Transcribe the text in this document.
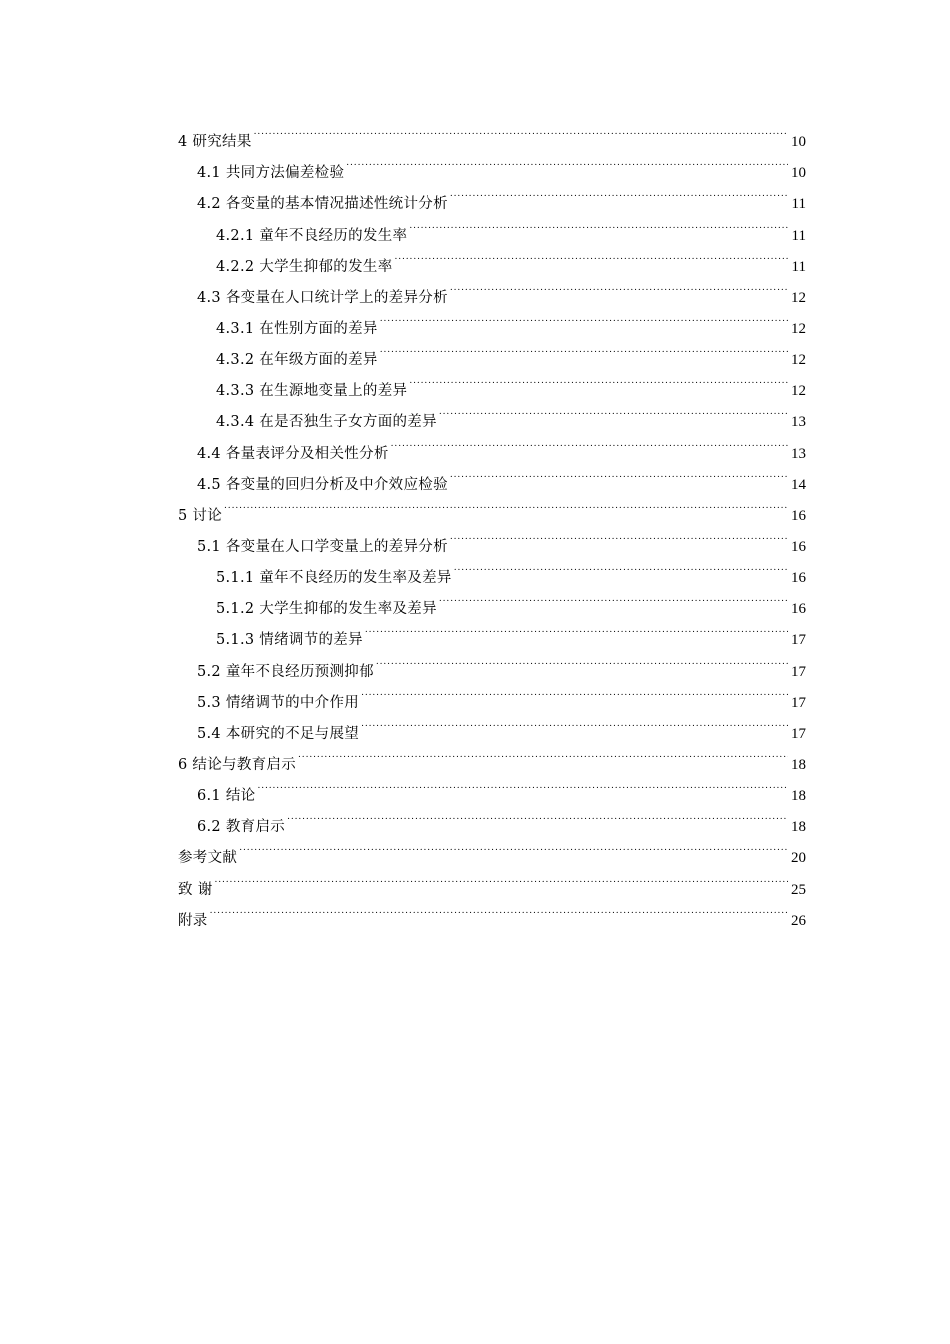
4 研究结果 .....	10
4.1 共同方法偏差检验 .....	10
4.2 各变量的基本情况描述性统计分析 .....	11
4.2.1 童年不良经历的发生率 .....	11
4.2.2 大学生抑郁的发生率 .....	11
4.3 各变量在人口统计学上的差异分析 .....	12
4.3.1 在性别方面的差异 .....	12
4.3.2 在年级方面的差异 .....	12
4.3.3 在生源地变量上的差异 .....	12
4.3.4 在是否独生子女方面的差异 .....	13
4.4 各量表评分及相关性分析 .....	13
4.5 各变量的回归分析及中介效应检验 .....	14
5 讨论 .....	16
5.1 各变量在人口学变量上的差异分析 .....	16
5.1.1 童年不良经历的发生率及差异 .....	16
5.1.2 大学生抑郁的发生率及差异 .....	16
5.1.3 情绪调节的差异 .....	17
5.2 童年不良经历预测抑郁 .....	17
5.3 情绪调节的中介作用 .....	17
5.4 本研究的不足与展望 .....	17
6 结论与教育启示 .....	18
6.1 结论 .....	18
6.2 教育启示 .....	18
参考文献 .....	20
致 谢 .....	25
附录 .....	26
